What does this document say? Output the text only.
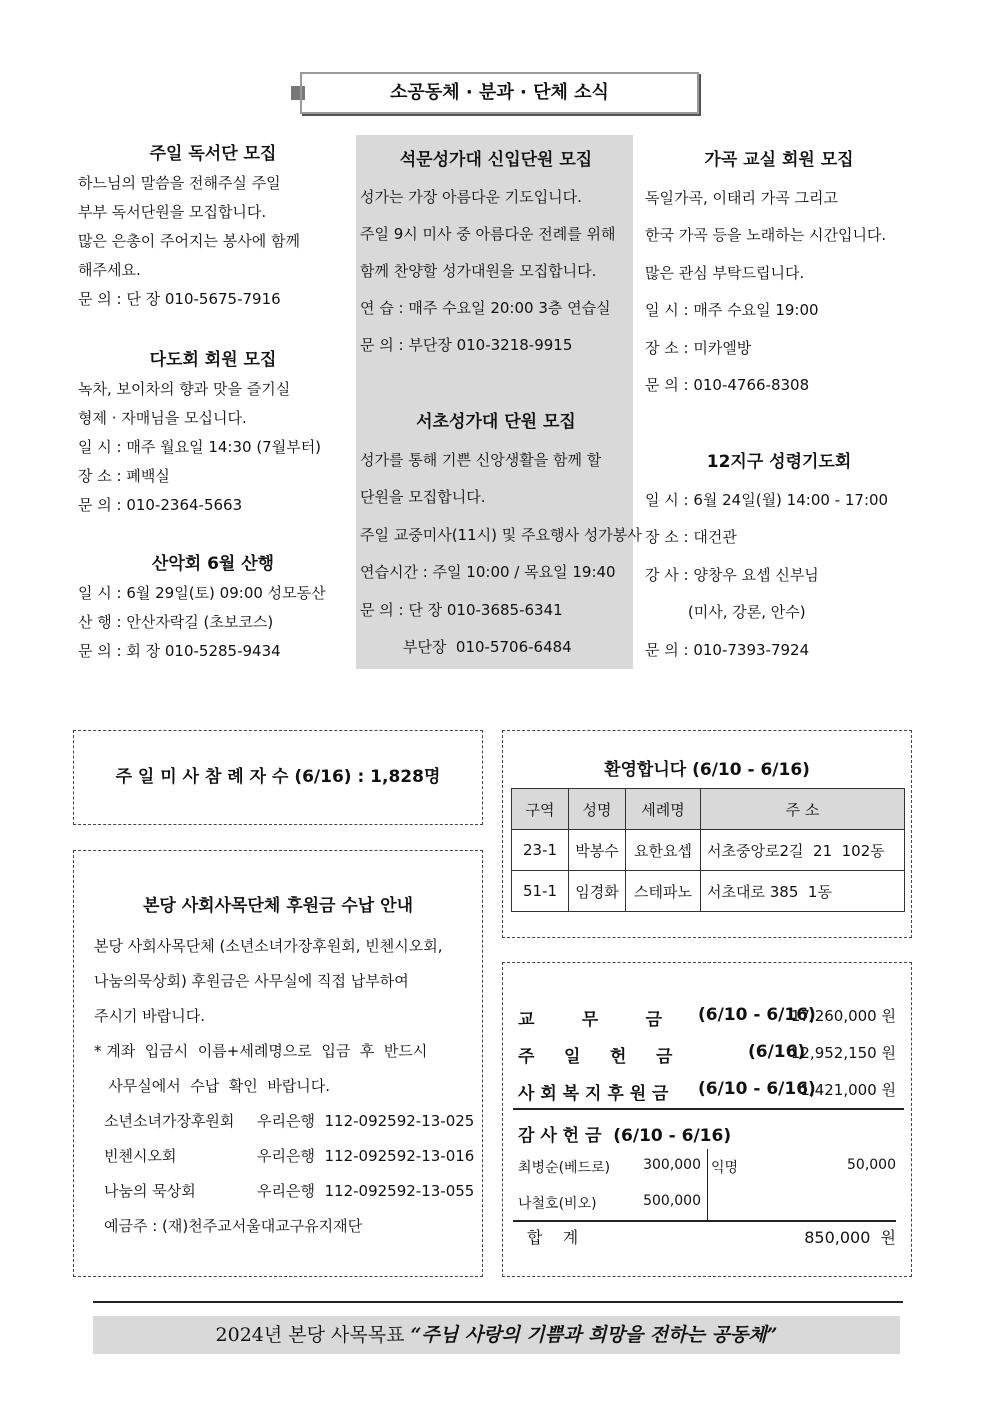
소공동체 · 분과 · 단체 소식
주일 독서단 모집
하느님의 말씀을 전해주실 주일
부부 독서단원을 모집합니다.
많은 은총이 주어지는 봉사에 함께
해주세요.
문 의 : 단 장 010-5675-7916
다도회 회원 모집
녹차, 보이차의 향과 맛을 즐기실
형제 · 자매님을 모십니다.
일 시 : 매주 월요일 14:30 (7월부터)
장 소 : 폐백실
문 의 : 010-2364-5663
산악회 6월 산행
일 시 : 6월 29일(토) 09:00 성모동산
산 행 : 안산자락길 (초보코스)
문 의 : 회 장 010-5285-9434
석문성가대 신입단원 모집
성가는 가장 아름다운 기도입니다.
주일 9시 미사 중 아름다운 전례를 위해
함께 찬양할 성가대원을 모집합니다.
연 습 : 매주 수요일 20:00 3층 연습실
문 의 : 부단장 010-3218-9915
서초성가대 단원 모집
성가를 통해 기쁜 신앙생활을 함께 할
단원을 모집합니다.
주일 교중미사(11시) 및 주요행사 성가봉사
연습시간 : 주일 10:00 / 목요일 19:40
문 의 : 단 장 010-3685-6341
부단장  010-5706-6484
가곡 교실 회원 모집
독일가곡, 이태리 가곡 그리고
한국 가곡 등을 노래하는 시간입니다.
많은 관심 부탁드립니다.
일 시 : 매주 수요일 19:00
장 소 : 미카엘방
문 의 : 010-4766-8308
12지구 성령기도회
일 시 : 6월 24일(월) 14:00 - 17:00
장 소 : 대건관
강 사 : 양창우 요셉 신부님
(미사, 강론, 안수)
문 의 : 010-7393-7924
주 일 미 사 참 례 자 수 (6/16) : 1,828명
본당 사회사목단체 후원금 수납 안내
본당 사회사목단체 (소년소녀가장후원회, 빈첸시오회,
나눔의묵상회) 후원금은 사무실에 직접 납부하여
주시기 바랍니다.
* 계좌  입금시  이름+세례명으로  입금  후  반드시
사무실에서  수납  확인  바랍니다.
소년소녀가장후원회 우리은행  112-092592-13-025
빈첸시오회	우리은행  112-092592-13-016
나눔의 묵상회	우리은행  112-092592-13-055
예금주 : (재)천주교서울대교구유지재단
환영합니다 (6/10 - 6/16)
구역	성명	세례명	주 소
23-1	박봉수	요한요셉	서초중앙로2길  21  102동
51-1	임경화	스테파노	서초대로 385  1동
교        무        금 (6/10 - 6/16)
17,260,000 원
주     일     헌     금	(6/16)
12,952,150 원
사 회 복 지 후 원 금 (6/10 - 6/16)
1,421,000 원
감 사 헌 금  (6/10 - 6/16)
최병순(베드로) 300,000
나철호(비오)	500,000
익명	50,000
합    계	850,000  원
2024년 본당 사목목표 “주님 사랑의 기쁨과 희망을 전하는 공동체”
